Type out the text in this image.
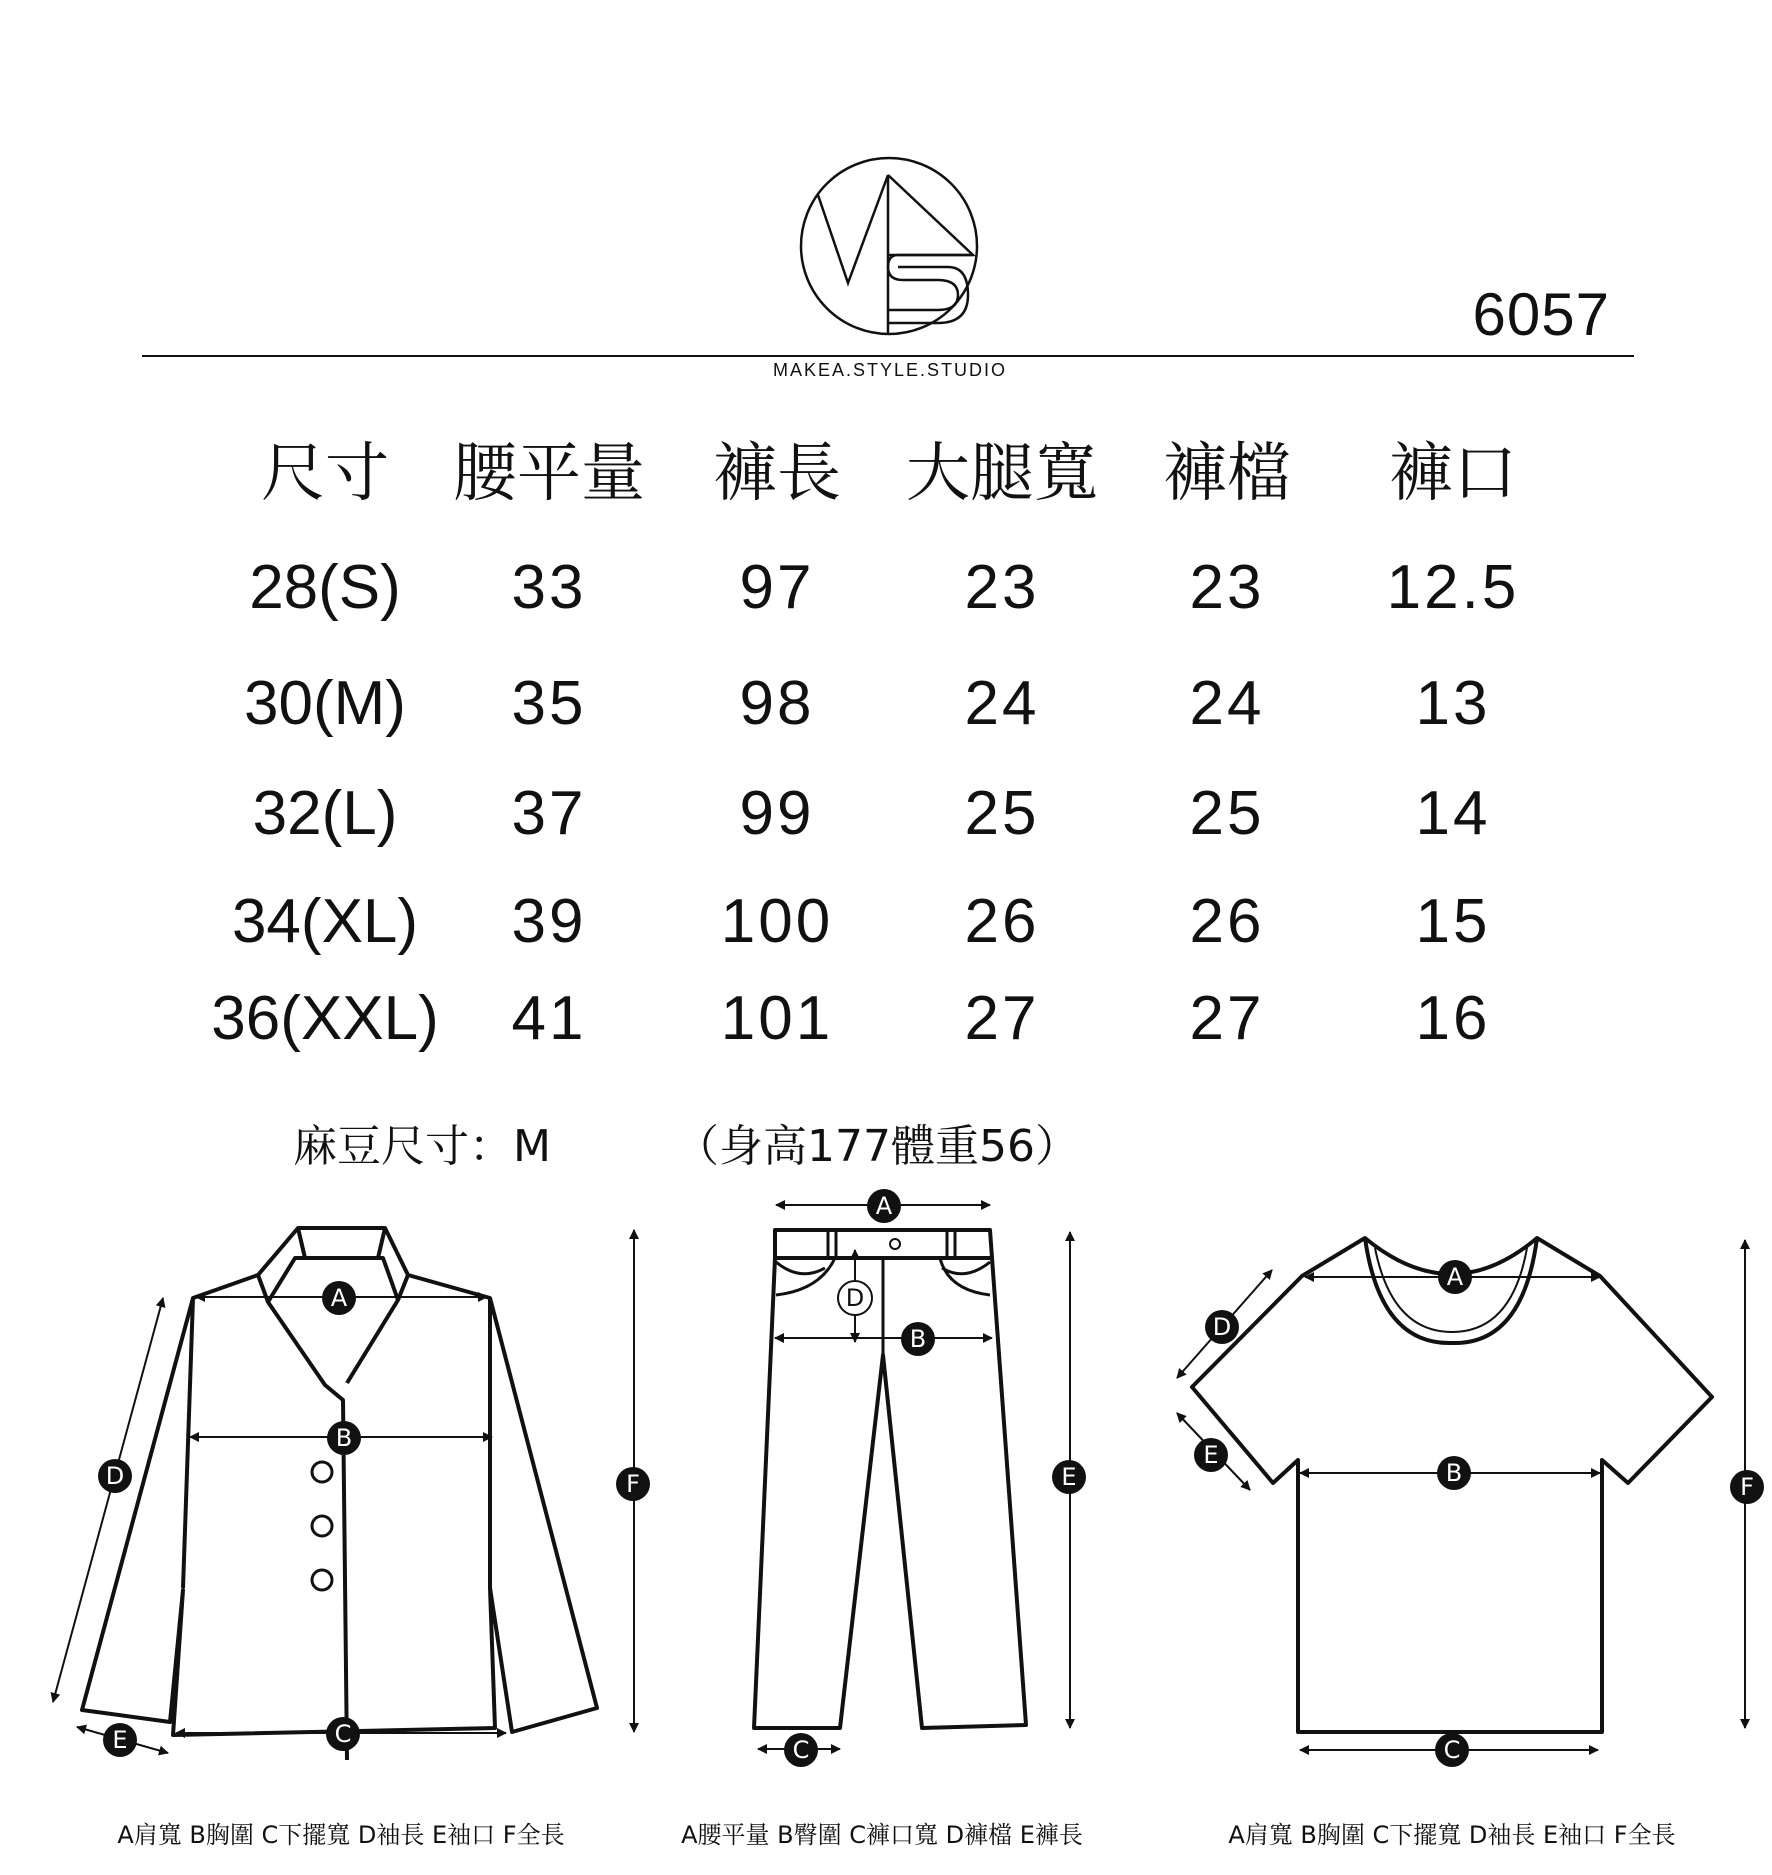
6057
MAKEA.STYLE.STUDIO
尺寸 腰平量 褲長 大腿寬 褲檔 褲口
28(S) 33 97 23 23 12.5
30(M) 35 98 24 24 13
32(L) 37 99 25 25 14
34(XL) 39 100 26 26 15
36(XXL) 41 101 27 27 16
麻豆尺寸：M	（身高177體重56）
A
B
C
D
E
F
A
B
C
D
E
A
B
C
D
E
F
A肩寬 B胸圍 C下擺寬 D袖長 E袖口 F全長	A腰平量 B臀圍 C褲口寬 D褲檔 E褲長	A肩寬 B胸圍 C下擺寬 D袖長 E袖口 F全長
